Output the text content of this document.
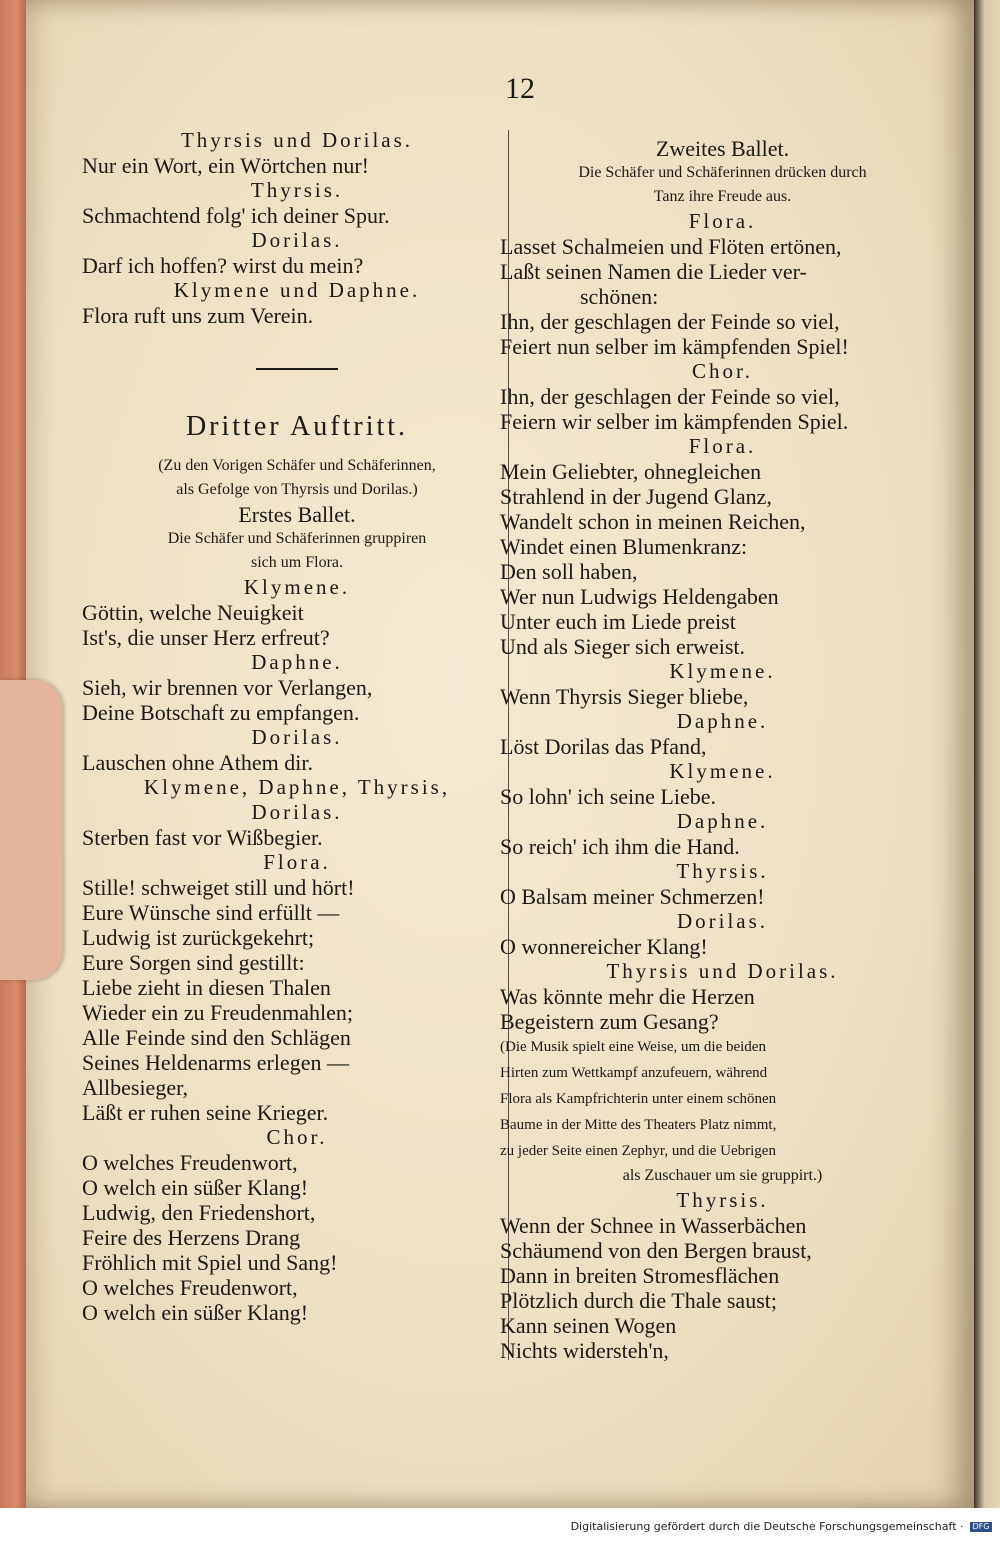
12
Thyrsis und Dorilas.
Nur ein Wort, ein Wörtchen nur!
Thyrsis.
Schmachtend folg' ich deiner Spur.
Dorilas.
Darf ich hoffen? wirst du mein?
Klymene und Daphne.
Flora ruft uns zum Verein.
Dritter Auftritt.
(Zu den Vorigen Schäfer und Schäferinnen,
als Gefolge von Thyrsis und Dorilas.)
Erstes Ballet.
Die Schäfer und Schäferinnen gruppiren
sich um Flora.
Klymene.
Göttin, welche Neuigkeit
Ist's, die unser Herz erfreut?
Daphne.
Sieh, wir brennen vor Verlangen,
Deine Botschaft zu empfangen.
Dorilas.
Lauschen ohne Athem dir.
Klymene, Daphne, Thyrsis,
Dorilas.
Sterben fast vor Wißbegier.
Flora.
Stille! schweiget still und hört!
Eure Wünsche sind erfüllt —
Ludwig ist zurückgekehrt;
Eure Sorgen sind gestillt:
Liebe zieht in diesen Thalen
Wieder ein zu Freudenmahlen;
Alle Feinde sind den Schlägen
Seines Heldenarms erlegen —
Allbesieger,
Läßt er ruhen seine Krieger.
Chor.
O welches Freudenwort,
O welch ein süßer Klang!
Ludwig, den Friedenshort,
Feire des Herzens Drang
Fröhlich mit Spiel und Sang!
O welches Freudenwort,
O welch ein süßer Klang!
Zweites Ballet.
Die Schäfer und Schäferinnen drücken durch
Tanz ihre Freude aus.
Flora.
Lasset Schalmeien und Flöten ertönen,
Laßt seinen Namen die Lieder ver-
schönen:
Ihn, der geschlagen der Feinde so viel,
Feiert nun selber im kämpfenden Spiel!
Chor.
Ihn, der geschlagen der Feinde so viel,
Feiern wir selber im kämpfenden Spiel.
Flora.
Mein Geliebter, ohnegleichen
Strahlend in der Jugend Glanz,
Wandelt schon in meinen Reichen,
Windet einen Blumenkranz:
Den soll haben,
Wer nun Ludwigs Heldengaben
Unter euch im Liede preist
Und als Sieger sich erweist.
Klymene.
Wenn Thyrsis Sieger bliebe,
Daphne.
Löst Dorilas das Pfand,
Klymene.
So lohn' ich seine Liebe.
Daphne.
So reich' ich ihm die Hand.
Thyrsis.
O Balsam meiner Schmerzen!
Dorilas.
O wonnereicher Klang!
Thyrsis und Dorilas.
Was könnte mehr die Herzen
Begeistern zum Gesang?
(Die Musik spielt eine Weise, um die beiden
Hirten zum Wettkampf anzufeuern, während
Flora als Kampfrichterin unter einem schönen
Baume in der Mitte des Theaters Platz nimmt,
zu jeder Seite einen Zephyr, und die Uebrigen
als Zuschauer um sie gruppirt.)
Thyrsis.
Wenn der Schnee in Wasserbächen
Schäumend von den Bergen braust,
Dann in breiten Stromesflächen
Plötzlich durch die Thale saust;
Kann seinen Wogen
Nichts widersteh'n,
Digitalisierung gefördert durch die Deutsche Forschungsgemeinschaft · DFG
